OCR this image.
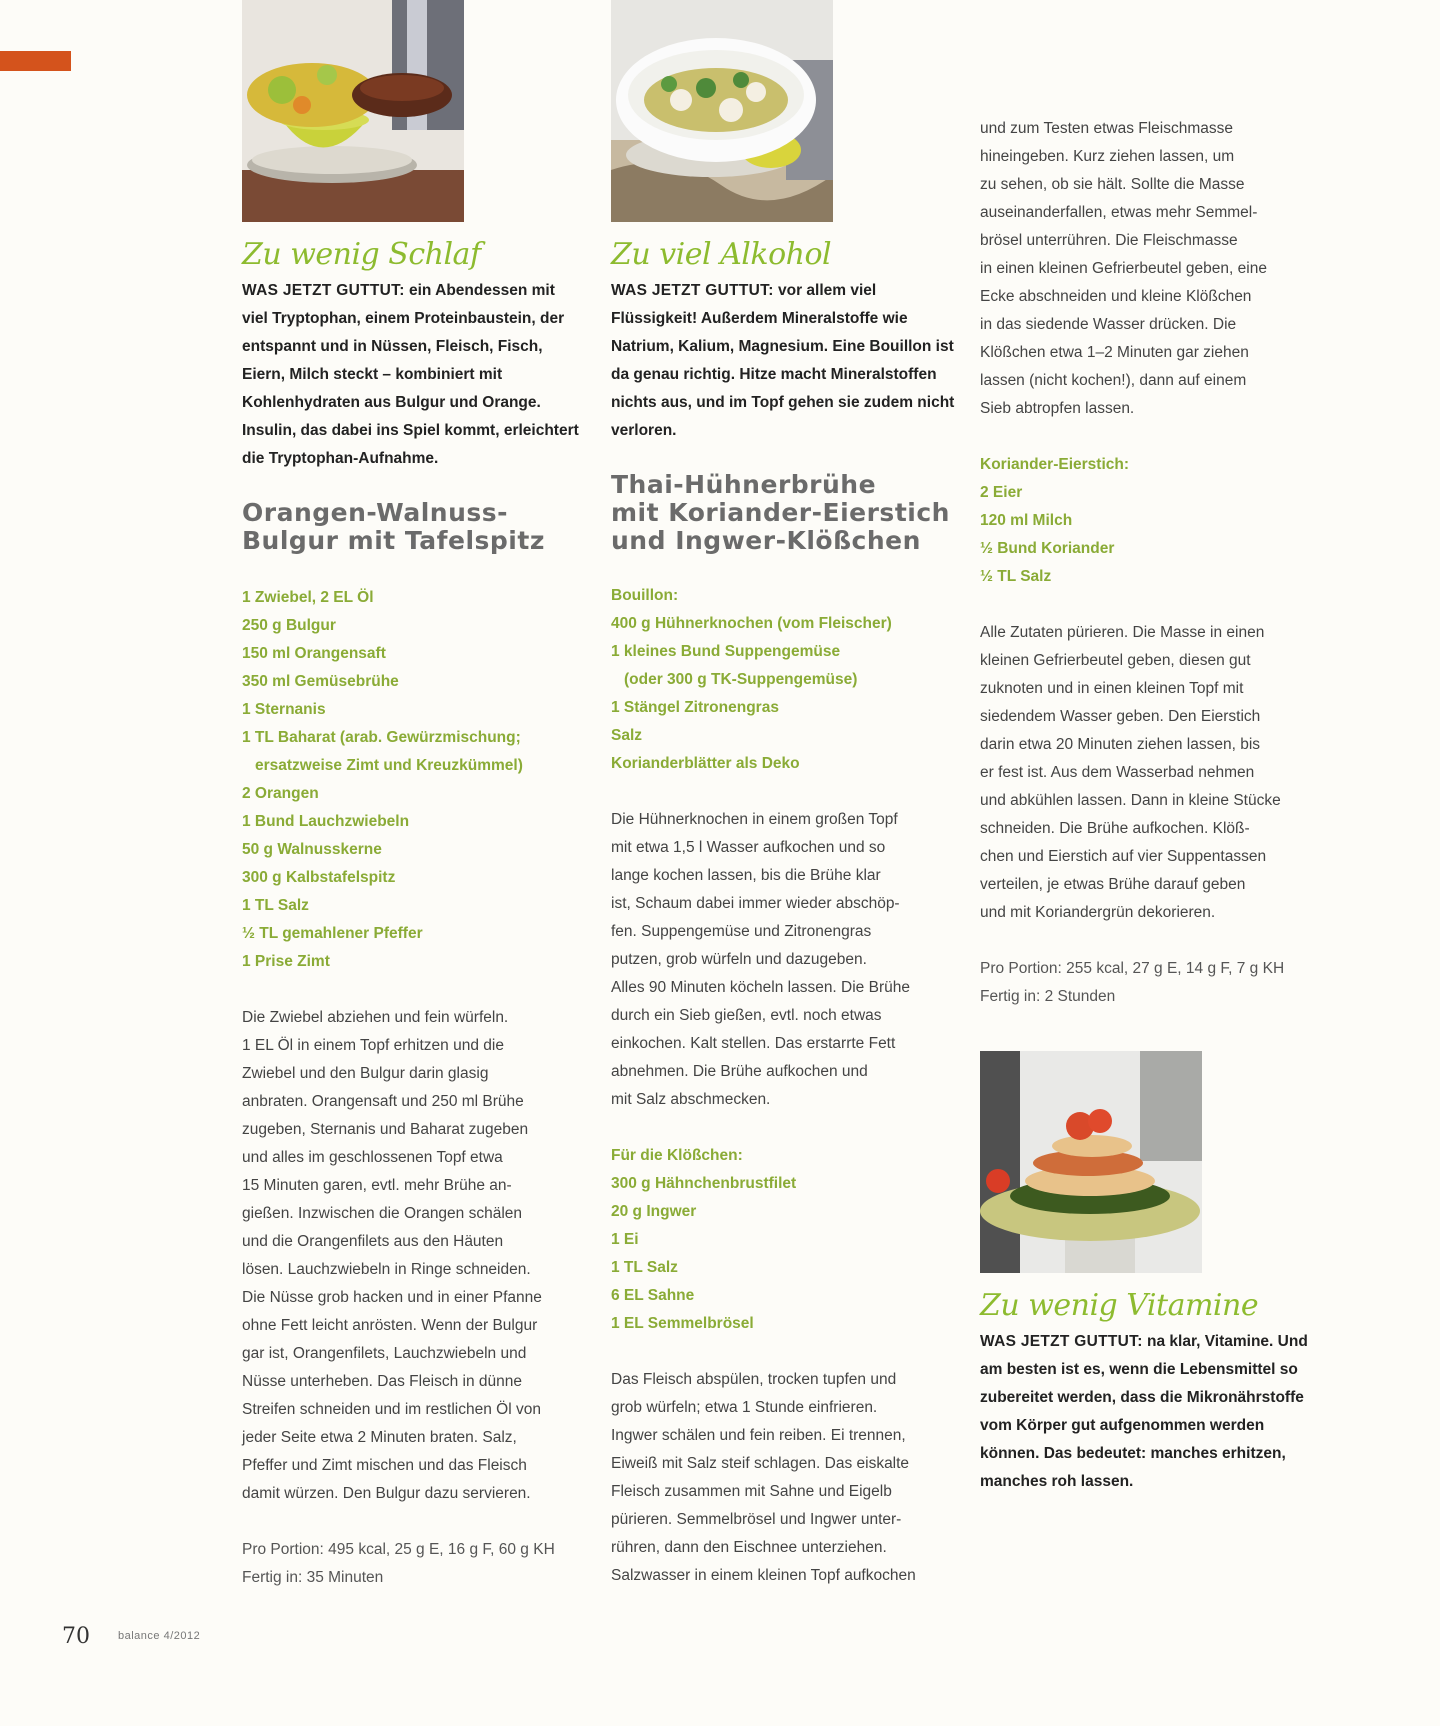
Zu wenig Schlaf

WAS JETZT GUTTUT: ein Abendessen mit viel Tryptophan, einem Proteinbaustein, der entspannt und in Nüssen, Fleisch, Fisch, Eiern, Milch steckt – kombiniert mit Kohlenhydraten aus Bulgur und Orange. Insulin, das dabei ins Spiel kommt, erleichtert die Tryptophan-Aufnahme.

Orangen-Walnuss-
Bulgur mit Tafelspitz
1 Zwiebel, 2 EL Öl
250 g Bulgur
150 ml Orangensaft
350 ml Gemüsebrühe
1 Sternanis
1 TL Baharat (arab. Gewürzmischung;
ersatzweise Zimt und Kreuzkümmel)
2 Orangen
1 Bund Lauchzwiebeln
50 g Walnusskerne
300 g Kalbstafelspitz
1 TL Salz
½ TL gemahlener Pfeffer
1 Prise Zimt

Die Zwiebel abziehen und fein würfeln.

1 EL Öl in einem Topf erhitzen und die

Zwiebel und den Bulgur darin glasig

anbraten. Orangensaft und 250 ml Brühe

zugeben, Sternanis und Baharat zugeben

und alles im geschlossenen Topf etwa

15 Minuten garen, evtl. mehr Brühe an-

gießen. Inzwischen die Orangen schälen

und die Orangenfilets aus den Häuten

lösen. Lauchzwiebeln in Ringe schneiden.

Die Nüsse grob hacken und in einer Pfanne

ohne Fett leicht anrösten. Wenn der Bulgur

gar ist, Orangenfilets, Lauchzwiebeln und

Nüsse unterheben. Das Fleisch in dünne

Streifen schneiden und im restlichen Öl von

jeder Seite etwa 2 Minuten braten. Salz,

Pfeffer und Zimt mischen und das Fleisch

damit würzen. Den Bulgur dazu servieren.

Pro Portion: 495 kcal, 25 g E, 16 g F, 60 g KH

Fertig in: 35 Minuten

Zu viel Alkohol

WAS JETZT GUTTUT: vor allem viel Flüssigkeit! Außerdem Mineralstoffe wie Natrium, Kalium, Magnesium. Eine Bouillon ist da genau richtig. Hitze macht Mineralstoffen nichts aus, und im Topf gehen sie zudem nicht verloren.

Thai-Hühnerbrühe
mit Koriander-Eierstich
und Ingwer-Klößchen

Bouillon:

400 g Hühnerknochen (vom Fleischer)
1 kleines Bund Suppengemüse
(oder 300 g TK-Suppengemüse)
1 Stängel Zitronengras
Salz
Korianderblätter als Deko

Die Hühnerknochen in einem großen Topf

mit etwa 1,5 l Wasser aufkochen und so

lange kochen lassen, bis die Brühe klar

ist, Schaum dabei immer wieder abschöp-

fen. Suppengemüse und Zitronengras

putzen, grob würfeln und dazugeben.

Alles 90 Minuten köcheln lassen. Die Brühe

durch ein Sieb gießen, evtl. noch etwas

einkochen. Kalt stellen. Das erstarrte Fett

abnehmen. Die Brühe aufkochen und

mit Salz abschmecken.

Für die Klößchen:

300 g Hähnchenbrustfilet
20 g Ingwer
1 Ei
1 TL Salz
6 EL Sahne
1 EL Semmelbrösel

Das Fleisch abspülen, trocken tupfen und

grob würfeln; etwa 1 Stunde einfrieren.

Ingwer schälen und fein reiben. Ei trennen,

Eiweiß mit Salz steif schlagen. Das eiskalte

Fleisch zusammen mit Sahne und Eigelb

pürieren. Semmelbrösel und Ingwer unter-

rühren, dann den Eischnee unterziehen.

Salzwasser in einem kleinen Topf aufkochen

und zum Testen etwas Fleischmasse

hineingeben. Kurz ziehen lassen, um

zu sehen, ob sie hält. Sollte die Masse

auseinanderfallen, etwas mehr Semmel-

brösel unterrühren. Die Fleischmasse

in einen kleinen Gefrierbeutel geben, eine

Ecke abschneiden und kleine Klößchen

in das siedende Wasser drücken. Die

Klößchen etwa 1–2 Minuten gar ziehen

lassen (nicht kochen!), dann auf einem

Sieb abtropfen lassen.

Koriander-Eierstich:

2 Eier
120 ml Milch
½ Bund Koriander
½ TL Salz

Alle Zutaten pürieren. Die Masse in einen

kleinen Gefrierbeutel geben, diesen gut

zuknoten und in einen kleinen Topf mit

siedendem Wasser geben. Den Eierstich

darin etwa 20 Minuten ziehen lassen, bis

er fest ist. Aus dem Wasserbad nehmen

und abkühlen lassen. Dann in kleine Stücke

schneiden. Die Brühe aufkochen. Klöß-

chen und Eierstich auf vier Suppentassen

verteilen, je etwas Brühe darauf geben

und mit Koriandergrün dekorieren.

Pro Portion: 255 kcal, 27 g E, 14 g F, 7 g KH

Fertig in: 2 Stunden

Zu wenig Vitamine

WAS JETZT GUTTUT: na klar, Vitamine. Und am besten ist es, wenn die Lebensmittel so zubereitet werden, dass die Mikronährstoffe vom Körper gut aufgenommen werden können. Das bedeutet: manches erhitzen, manches roh lassen.

70	balance 4/2012
